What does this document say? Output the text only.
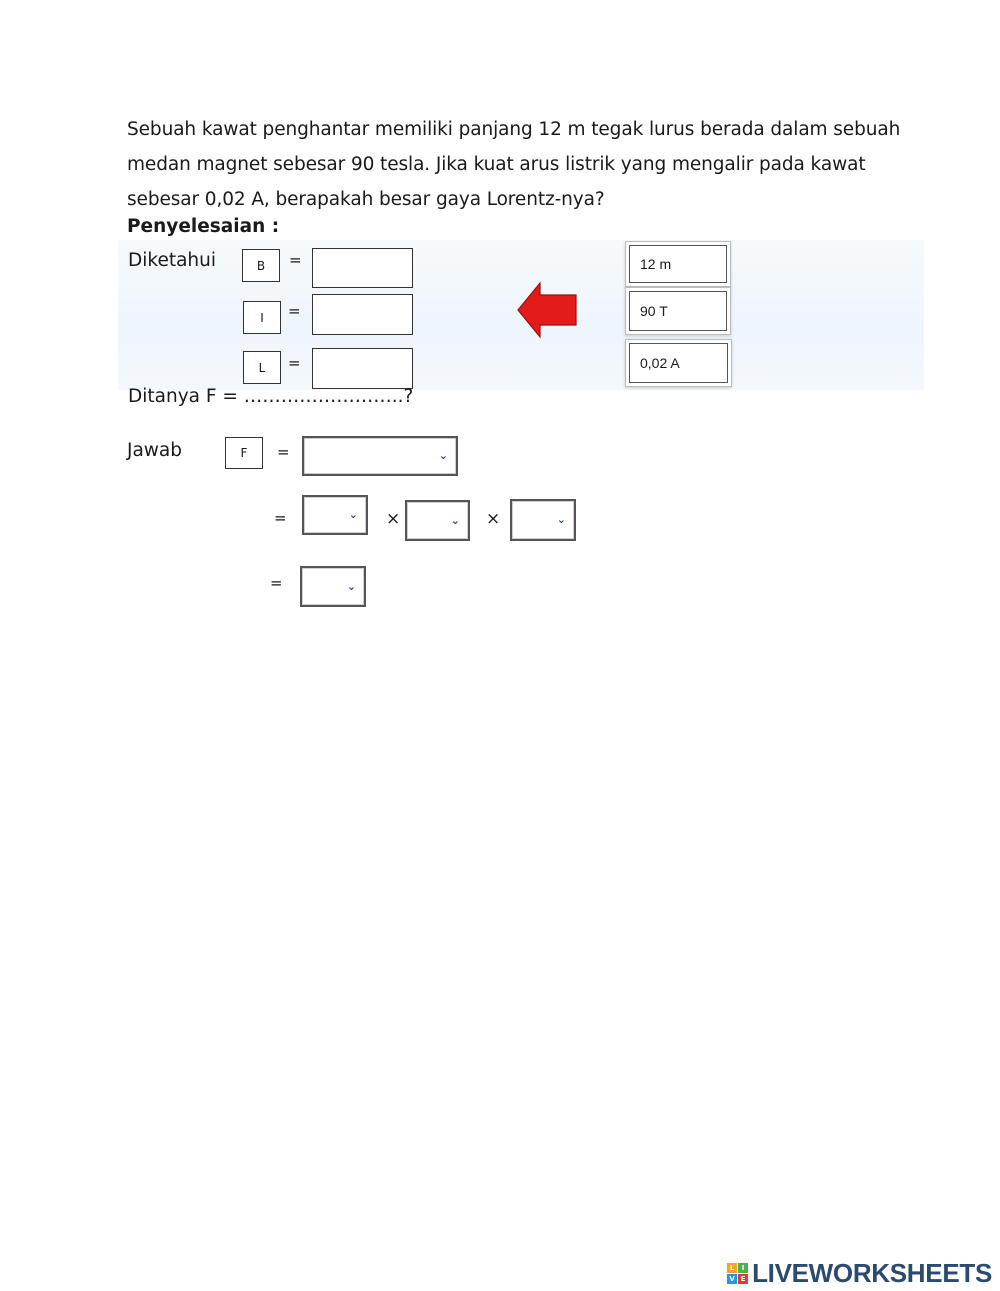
Sebuah kawat penghantar memiliki panjang 12 m tegak lurus berada dalam sebuah
medan magnet sebesar 90 tesla. Jika kuat arus listrik yang mengalir pada kawat
sebesar 0,02 A, berapakah besar gaya Lorentz-nya?
Penyelesaian :
Diketahui	B =
I =
L =
12 m
90 T
0,02 A
Ditanya F = ……………………..?
Jawab	F =	⌄
=	⌄ ×	⌄ ×	⌄
=	⌄
L	I
V E LIVEWORKSHEETS
